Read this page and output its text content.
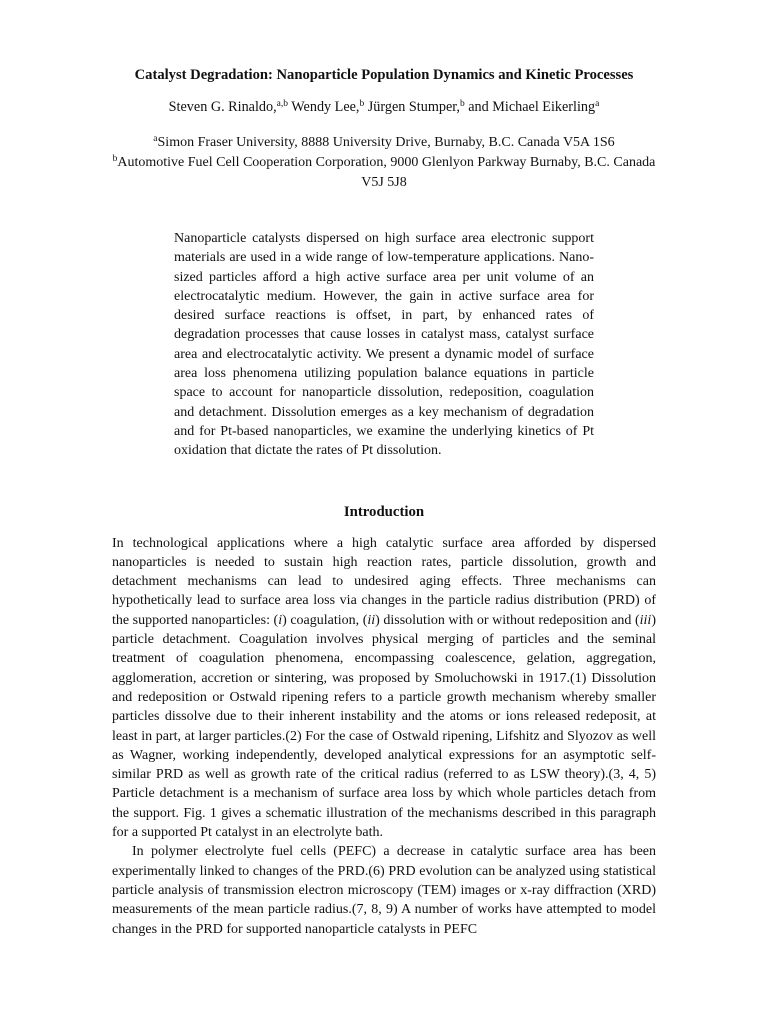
Catalyst Degradation: Nanoparticle Population Dynamics and Kinetic Processes
Steven G. Rinaldo,$^{a,b}$ Wendy Lee,$^b$ Jürgen Stumper,$^b$ and Michael Eikerling$^a$
$^a$Simon Fraser University, 8888 University Drive, Burnaby, B.C. Canada V5A 1S6
$^b$Automotive Fuel Cell Cooperation Corporation, 9000 Glenlyon Parkway Burnaby, B.C. Canada V5J 5J8

Nanoparticle catalysts dispersed on high surface area electronic support materials are used in a wide range of low-temperature applications. Nano-sized particles afford a high active surface area per unit volume of an electrocatalytic medium. However, the gain in active surface area for desired surface reactions is offset, in part, by enhanced rates of degradation processes that cause losses in catalyst mass, catalyst surface area and electrocatalytic activity. We present a dynamic model of surface area loss phenomena utilizing population balance equations in particle space to account for nanoparticle dissolution, redeposition, coagulation and detachment. Dissolution emerges as a key mechanism of degradation and for Pt-based nanoparticles, we examine the underlying kinetics of Pt oxidation that dictate the rates of Pt dissolution.

Introduction

In technological applications where a high catalytic surface area afforded by dispersed nanoparticles is needed to sustain high reaction rates, particle dissolution, growth and detachment mechanisms can lead to undesired aging effects. Three mechanisms can hypothetically lead to surface area loss via changes in the particle radius distribution (PRD) of the supported nanoparticles: (i) coagulation, (ii) dissolution with or without redeposition and (iii) particle detachment. Coagulation involves physical merging of particles and the seminal treatment of coagulation phenomena, encompassing coalescence, gelation, aggregation, agglomeration, accretion or sintering, was proposed by Smoluchowski in 1917.(1) Dissolution and redeposition or Ostwald ripening refers to a particle growth mechanism whereby smaller particles dissolve due to their inherent instability and the atoms or ions released redeposit, at least in part, at larger particles.(2) For the case of Ostwald ripening, Lifshitz and Slyozov as well as Wagner, working independently, developed analytical expressions for an asymptotic self-similar PRD as well as growth rate of the critical radius (referred to as LSW theory).(3, 4, 5) Particle detachment is a mechanism of surface area loss by which whole particles detach from the support. Fig. 1 gives a schematic illustration of the mechanisms described in this paragraph for a supported Pt catalyst in an electrolyte bath.

In polymer electrolyte fuel cells (PEFC) a decrease in catalytic surface area has been experimentally linked to changes of the PRD.(6) PRD evolution can be analyzed using statistical particle analysis of transmission electron microscopy (TEM) images or x-ray diffraction (XRD) measurements of the mean particle radius.(7, 8, 9) A number of works have attempted to model changes in the PRD for supported nanoparticle catalysts in PEFC
